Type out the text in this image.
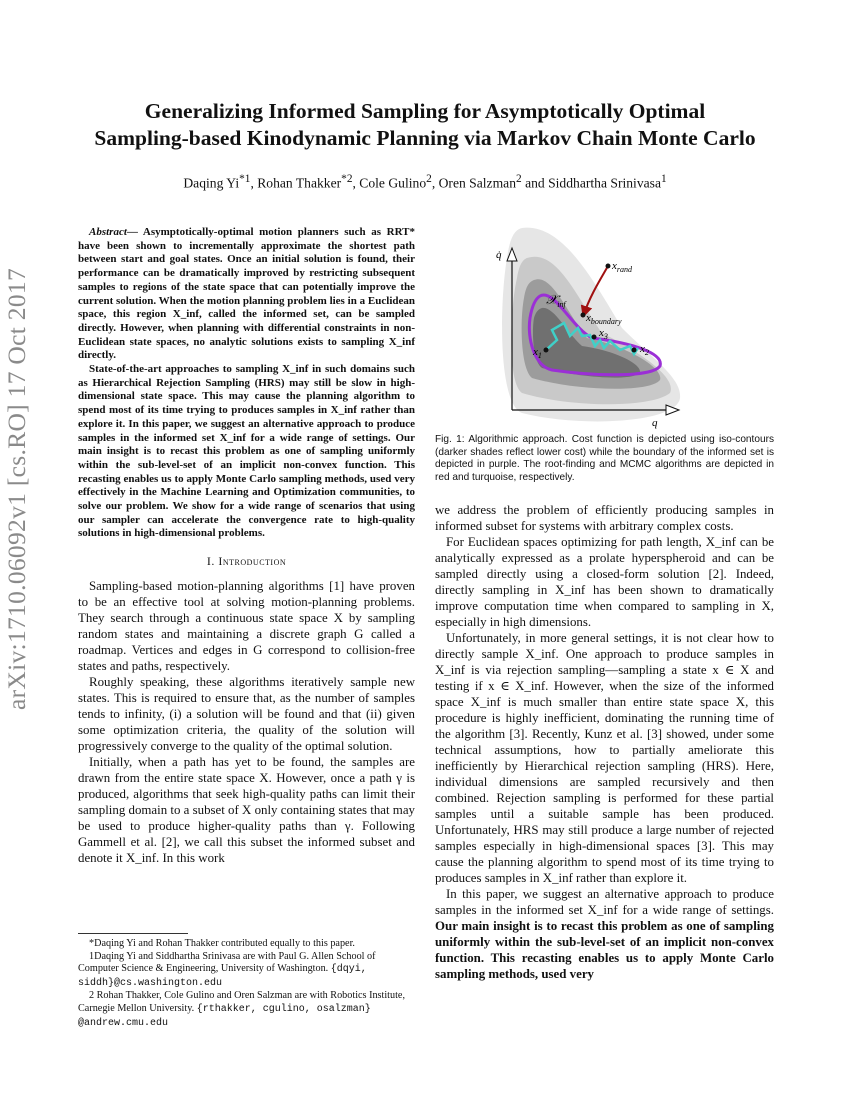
arXiv:1710.06092v1 [cs.RO] 17 Oct 2017
Generalizing Informed Sampling for Asymptotically Optimal
Sampling-based Kinodynamic Planning via Markov Chain Monte Carlo
Daqing Yi$^{*1}$, Rohan Thakker$^{*2}$, Cole Gulino$^2$, Oren Salzman$^2$ and Siddhartha Srinivasa$^1$

Abstract— Asymptotically-optimal motion planners such as RRT* have been shown to incrementally approximate the shortest path between start and goal states. Once an initial solution is found, their performance can be dramatically improved by restricting subsequent samples to regions of the state space that can potentially improve the current solution. When the motion planning problem lies in a Euclidean space, this region X_inf, called the informed set, can be sampled directly. However, when planning with differential constraints in non-Euclidean state spaces, no analytic solutions exists to sampling X_inf directly.

State-of-the-art approaches to sampling X_inf in such domains such as Hierarchical Rejection Sampling (HRS) may still be slow in high-dimensional state space. This may cause the planning algorithm to spend most of its time trying to produces samples in X_inf rather than explore it. In this paper, we suggest an alternative approach to produce samples in the informed set X_inf for a wide range of settings. Our main insight is to recast this problem as one of sampling uniformly within the sub-level-set of an implicit non-convex function. This recasting enables us to apply Monte Carlo sampling methods, used very effectively in the Machine Learning and Optimization communities, to solve our problem. We show for a wide range of scenarios that using our sampler can accelerate the convergence rate to high-quality solutions in high-dimensional problems.

I. Introduction

Sampling-based motion-planning algorithms [1] have proven to be an effective tool at solving motion-planning problems. They search through a continuous state space X by sampling random states and maintaining a discrete graph G called a roadmap. Vertices and edges in G correspond to collision-free states and paths, respectively.

Roughly speaking, these algorithms iteratively sample new states. This is required to ensure that, as the number of samples tends to infinity, (i) a solution will be found and that (ii) given some optimization criteria, the quality of the solution will progressively converge to the quality of the optimal solution.

Initially, when a path has yet to be found, the samples are drawn from the entire state space X. However, once a path γ is produced, algorithms that seek high-quality paths can limit their sampling domain to a subset of X only containing states that may be used to produce higher-quality paths than γ. Following Gammell et al. [2], we call this subset the informed subset and denote it X_inf. In this work

*Daqing Yi and Rohan Thakker contributed equally to this paper.

1Daqing Yi and Siddhartha Srinivasa are with Paul G. Allen School of Computer Science & Engineering, University of Washington. {dqyi, siddh}@cs.washington.edu

2 Rohan Thakker, Cole Gulino and Oren Salzman are with Robotics Institute, Carnegie Mellon University. {rthakker, cgulino, osalzman} @andrew.cmu.edu

q̇
q
𝒳$_{inf}$
$x_{rand}$
$x_{boundary}$
$x_3$
$x_1$
$x_2$
Fig. 1: Algorithmic approach. Cost function is depicted using iso-contours (darker shades reflect lower cost) while the boundary of the informed set is depicted in purple. The root-finding and MCMC algorithms are depicted in red and turquoise, respectively.

we address the problem of efficiently producing samples in informed subset for systems with arbitrary complex costs.

For Euclidean spaces optimizing for path length, X_inf can be analytically expressed as a prolate hyperspheroid and can be sampled directly using a closed-form solution [2]. Indeed, directly sampling in X_inf has been shown to dramatically improve computation time when compared to sampling in X, especially in high dimensions.

Unfortunately, in more general settings, it is not clear how to directly sample X_inf. One approach to produce samples in X_inf is via rejection sampling—sampling a state x ∈ X and testing if x ∈ X_inf. However, when the size of the informed space X_inf is much smaller than entire state space X, this procedure is highly inefficient, dominating the running time of the algorithm [3]. Recently, Kunz et al. [3] showed, under some technical assumptions, how to partially ameliorate this inefficiently by Hierarchical rejection sampling (HRS). Here, individual dimensions are sampled recursively and then combined. Rejection sampling is performed for these partial samples until a suitable sample has been produced. Unfortunately, HRS may still produce a large number of rejected samples especially in high-dimensional spaces [3]. This may cause the planning algorithm to spend most of its time trying to produces samples in X_inf rather than explore it.

In this paper, we suggest an alternative approach to produce samples in the informed set X_inf for a wide range of settings. Our main insight is to recast this problem as one of sampling uniformly within the sub-level-set of an implicit non-convex function. This recasting enables us to apply Monte Carlo sampling methods, used very
